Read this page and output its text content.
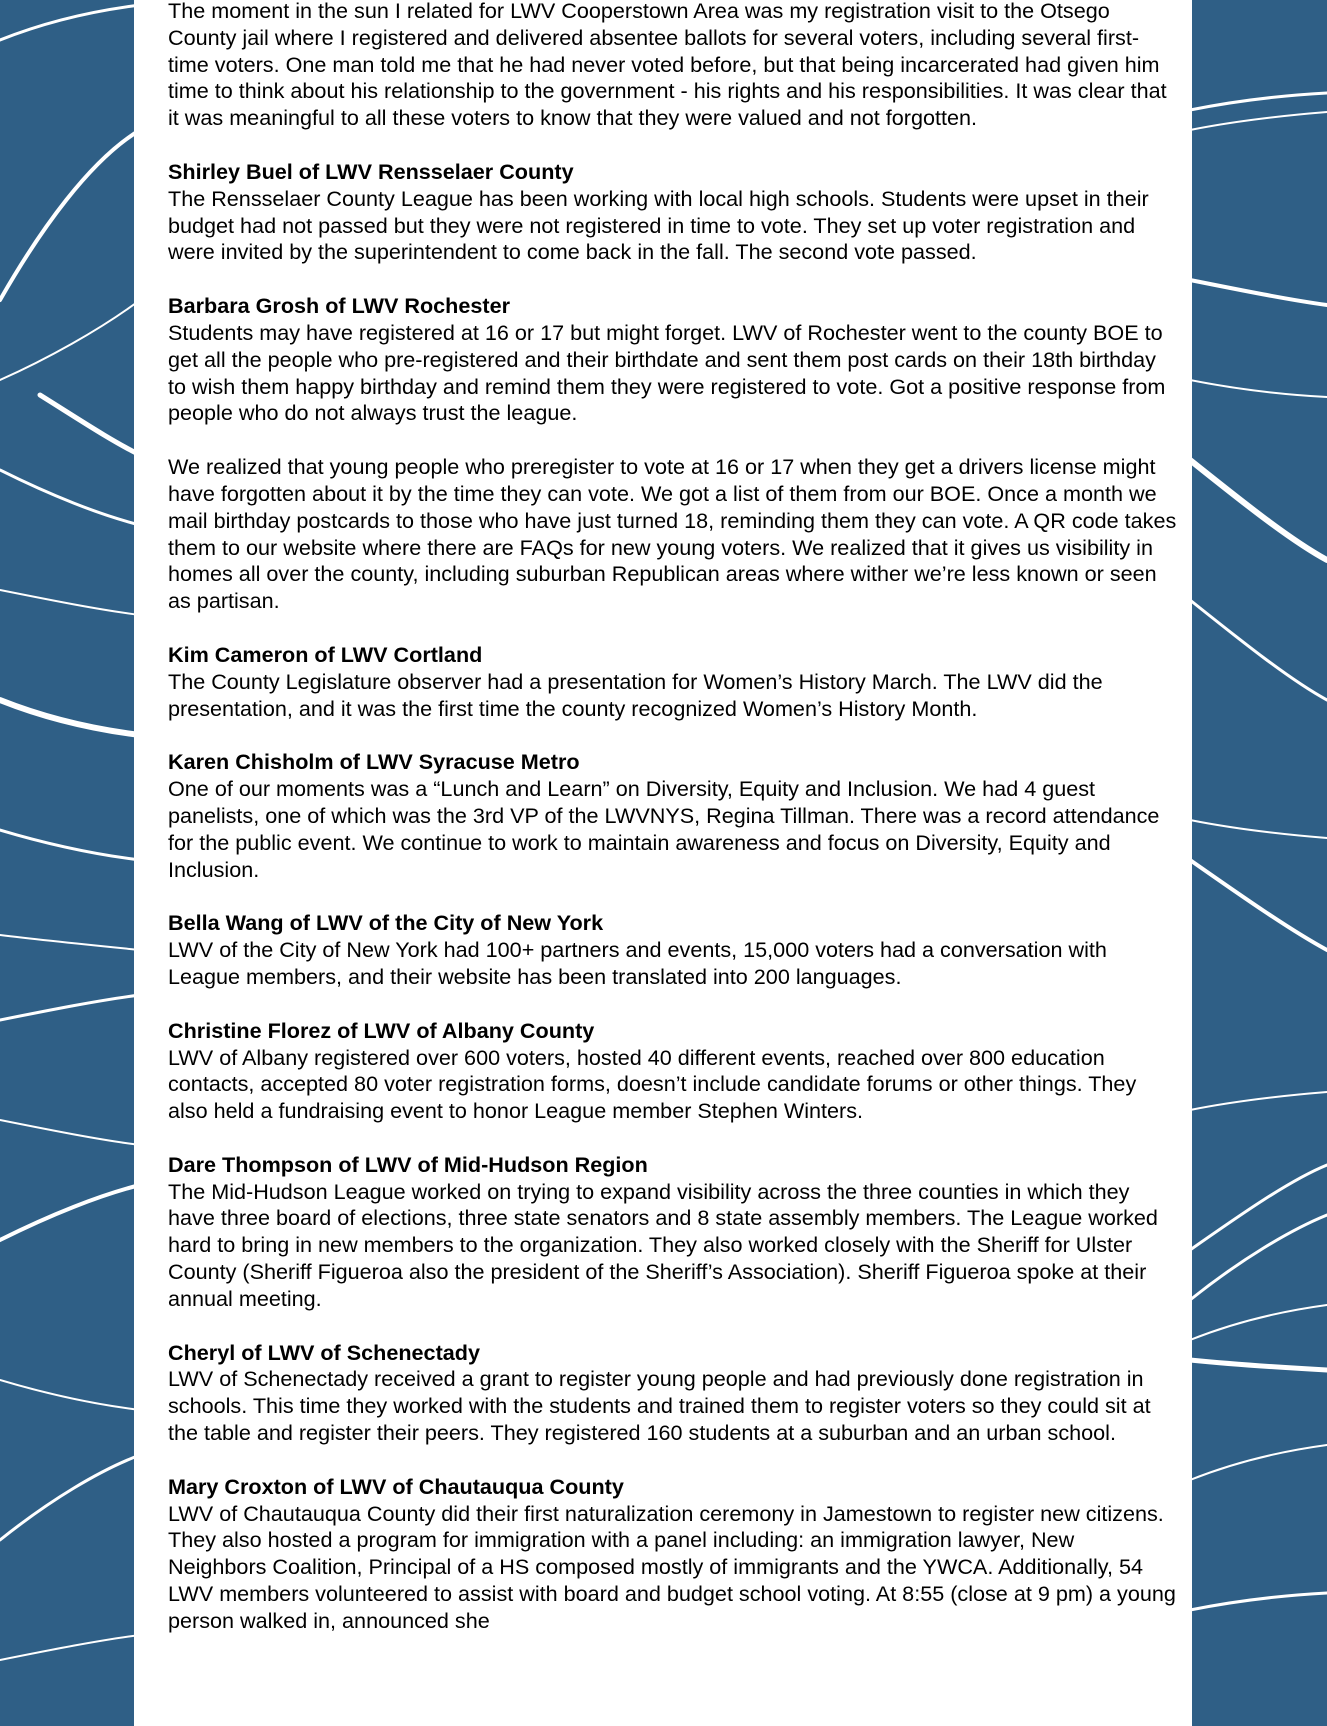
The moment in the sun I related for LWV Cooperstown Area was my registration visit to the Otsego County jail where I registered and delivered absentee ballots for several voters, including several first-time voters. One man told me that he had never voted before, but that being incarcerated had given him time to think about his relationship to the government - his rights and his responsibilities. It was clear that it was meaningful to all these voters to know that they were valued and not forgotten.

Shirley Buel of LWV Rensselaer County

The Rensselaer County League has been working with local high schools. Students were upset in their budget had not passed but they were not registered in time to vote. They set up voter registration and were invited by the superintendent to come back in the fall. The second vote passed.

Barbara Grosh of LWV Rochester

Students may have registered at 16 or 17 but might forget. LWV of Rochester went to the county BOE to get all the people who pre-registered and their birthdate and sent them post cards on their 18th birthday to wish them happy birthday and remind them they were registered to vote. Got a positive response from people who do not always trust the league.

We realized that young people who preregister to vote at 16 or 17 when they get a drivers license might have forgotten about it by the time they can vote. We got a list of them from our BOE. Once a month we mail birthday postcards to those who have just turned 18, reminding them they can vote. A QR code takes them to our website where there are FAQs for new young voters. We realized that it gives us visibility in homes all over the county, including suburban Republican areas where wither we’re less known or seen as partisan.

Kim Cameron of LWV Cortland

The County Legislature observer had a presentation for Women’s History March. The LWV did the presentation, and it was the first time the county recognized Women’s History Month.

Karen Chisholm of LWV Syracuse Metro

One of our moments was a “Lunch and Learn” on Diversity, Equity and Inclusion. We had 4 guest panelists, one of which was the 3rd VP of the LWVNYS, Regina Tillman. There was a record attendance for the public event. We continue to work to maintain awareness and focus on Diversity, Equity and Inclusion.

Bella Wang of LWV of the City of New York

LWV of the City of New York had 100+ partners and events, 15,000 voters had a conversation with League members, and their website has been translated into 200 languages.

Christine Florez of LWV of Albany County

LWV of Albany registered over 600 voters, hosted 40 different events, reached over 800 education contacts, accepted 80 voter registration forms, doesn’t include candidate forums or other things. They also held a fundraising event to honor League member Stephen Winters.

Dare Thompson of LWV of Mid-Hudson Region

The Mid-Hudson League worked on trying to expand visibility across the three counties in which they have three board of elections, three state senators and 8 state assembly members. The League worked hard to bring in new members to the organization. They also worked closely with the Sheriff for Ulster County (Sheriff Figueroa also the president of the Sheriff’s Association). Sheriff Figueroa spoke at their annual meeting.

Cheryl of LWV of Schenectady

LWV of Schenectady received a grant to register young people and had previously done registration in schools. This time they worked with the students and trained them to register voters so they could sit at the table and register their peers. They registered 160 students at a suburban and an urban school.

Mary Croxton of LWV of Chautauqua County

LWV of Chautauqua County did their first naturalization ceremony in Jamestown to register new citizens. They also hosted a program for immigration with a panel including: an immigration lawyer, New Neighbors Coalition, Principal of a HS composed mostly of immigrants and the YWCA. Additionally, 54 LWV members volunteered to assist with board and budget school voting. At 8:55 (close at 9 pm) a young person walked in, announced she
